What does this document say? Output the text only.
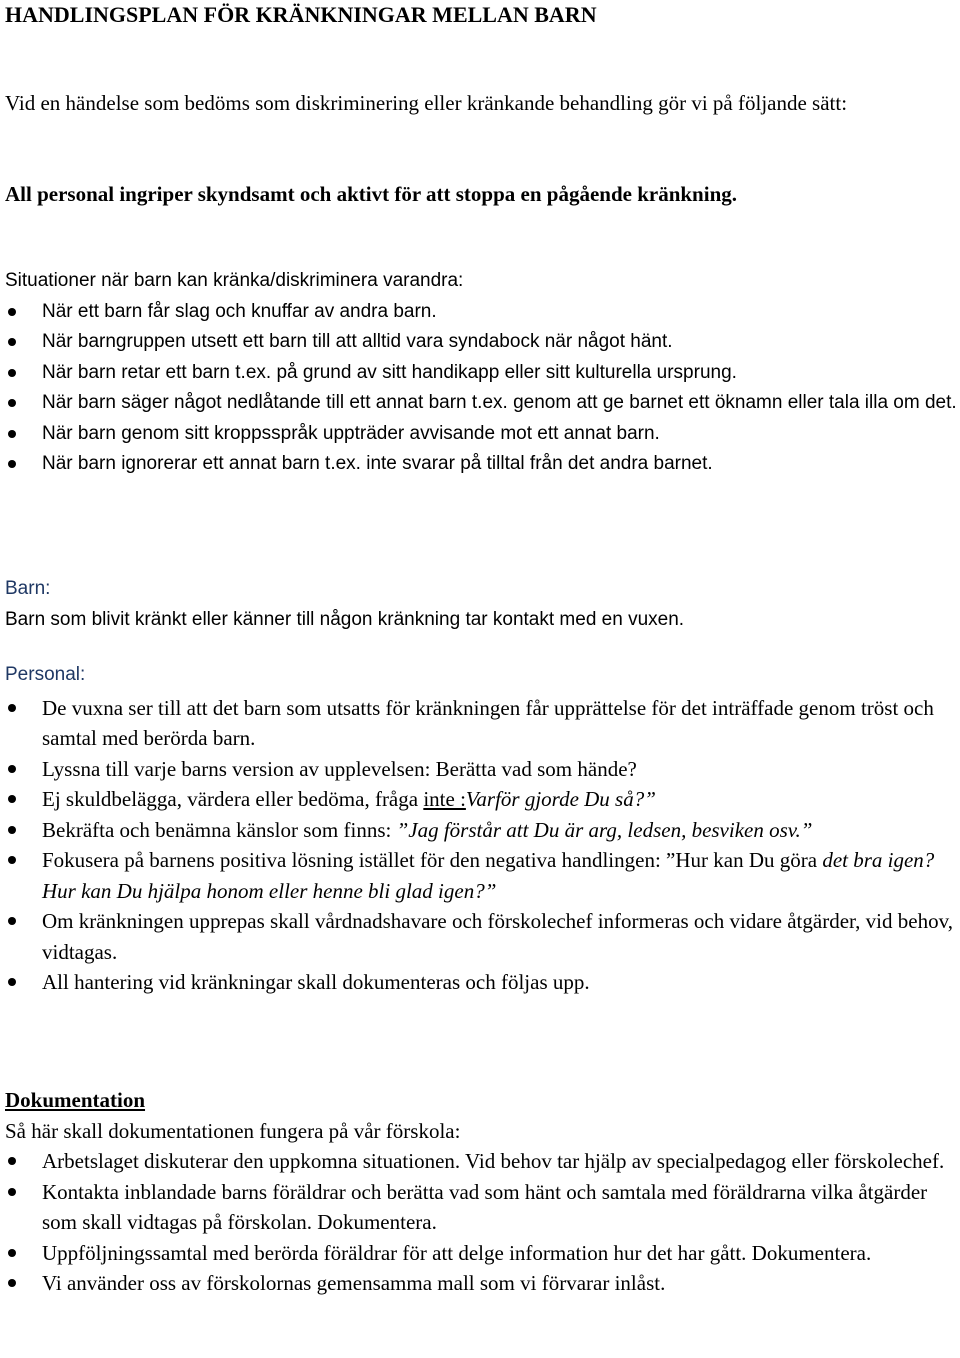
HANDLINGSPLAN FÖR KRÄNKNINGAR MELLAN BARN

Vid en händelse som bedöms som diskriminering eller kränkande behandling gör vi på följande sätt:

All personal ingriper skyndsamt och aktivt för att stoppa en pågående kränkning.

Situationer när barn kan kränka/diskriminera varandra:
När ett barn får slag och knuffar av andra barn.
När barngruppen utsett ett barn till att alltid vara syndabock när något hänt.
När barn retar ett barn t.ex. på grund av sitt handikapp eller sitt kulturella ursprung.
När barn säger något nedlåtande till ett annat barn t.ex. genom att ge barnet ett öknamn eller tala illa om det.
När barn genom sitt kroppsspråk uppträder avvisande mot ett annat barn.
När barn ignorerar ett annat barn t.ex. inte svarar på tilltal från det andra barnet.
Barn:
Barn som blivit kränkt eller känner till någon kränkning tar kontakt med en vuxen.
Personal:
De vuxna ser till att det barn som utsatts för kränkningen får upprättelse för det inträffade genom tröst och samtal med berörda barn.
Lyssna till varje barns version av upplevelsen: Berätta vad som hände?
Ej skuldbelägga, värdera eller bedöma, fråga inte :Varför gjorde Du så?”
Bekräfta och benämna känslor som finns: ”Jag förstår att Du är arg, ledsen, besviken osv.”
Fokusera på barnens positiva lösning istället för den negativa handlingen: ”Hur kan Du göra det bra igen? Hur kan Du hjälpa honom eller henne bli glad igen?”
Om kränkningen upprepas skall vårdnadshavare och förskolechef informeras och vidare åtgärder, vid behov, vidtagas.
All hantering vid kränkningar skall dokumenteras och följas upp.
Dokumentation
Så här skall dokumentationen fungera på vår förskola:
Arbetslaget diskuterar den uppkomna situationen. Vid behov tar hjälp av specialpedagog eller förskolechef.
Kontakta inblandade barns föräldrar och berätta vad som hänt och samtala med föräldrarna vilka åtgärder som skall vidtagas på förskolan. Dokumentera.
Uppföljningssamtal med berörda föräldrar för att delge information hur det har gått. Dokumentera.
Vi använder oss av förskolornas gemensamma mall som vi förvarar inlåst.
